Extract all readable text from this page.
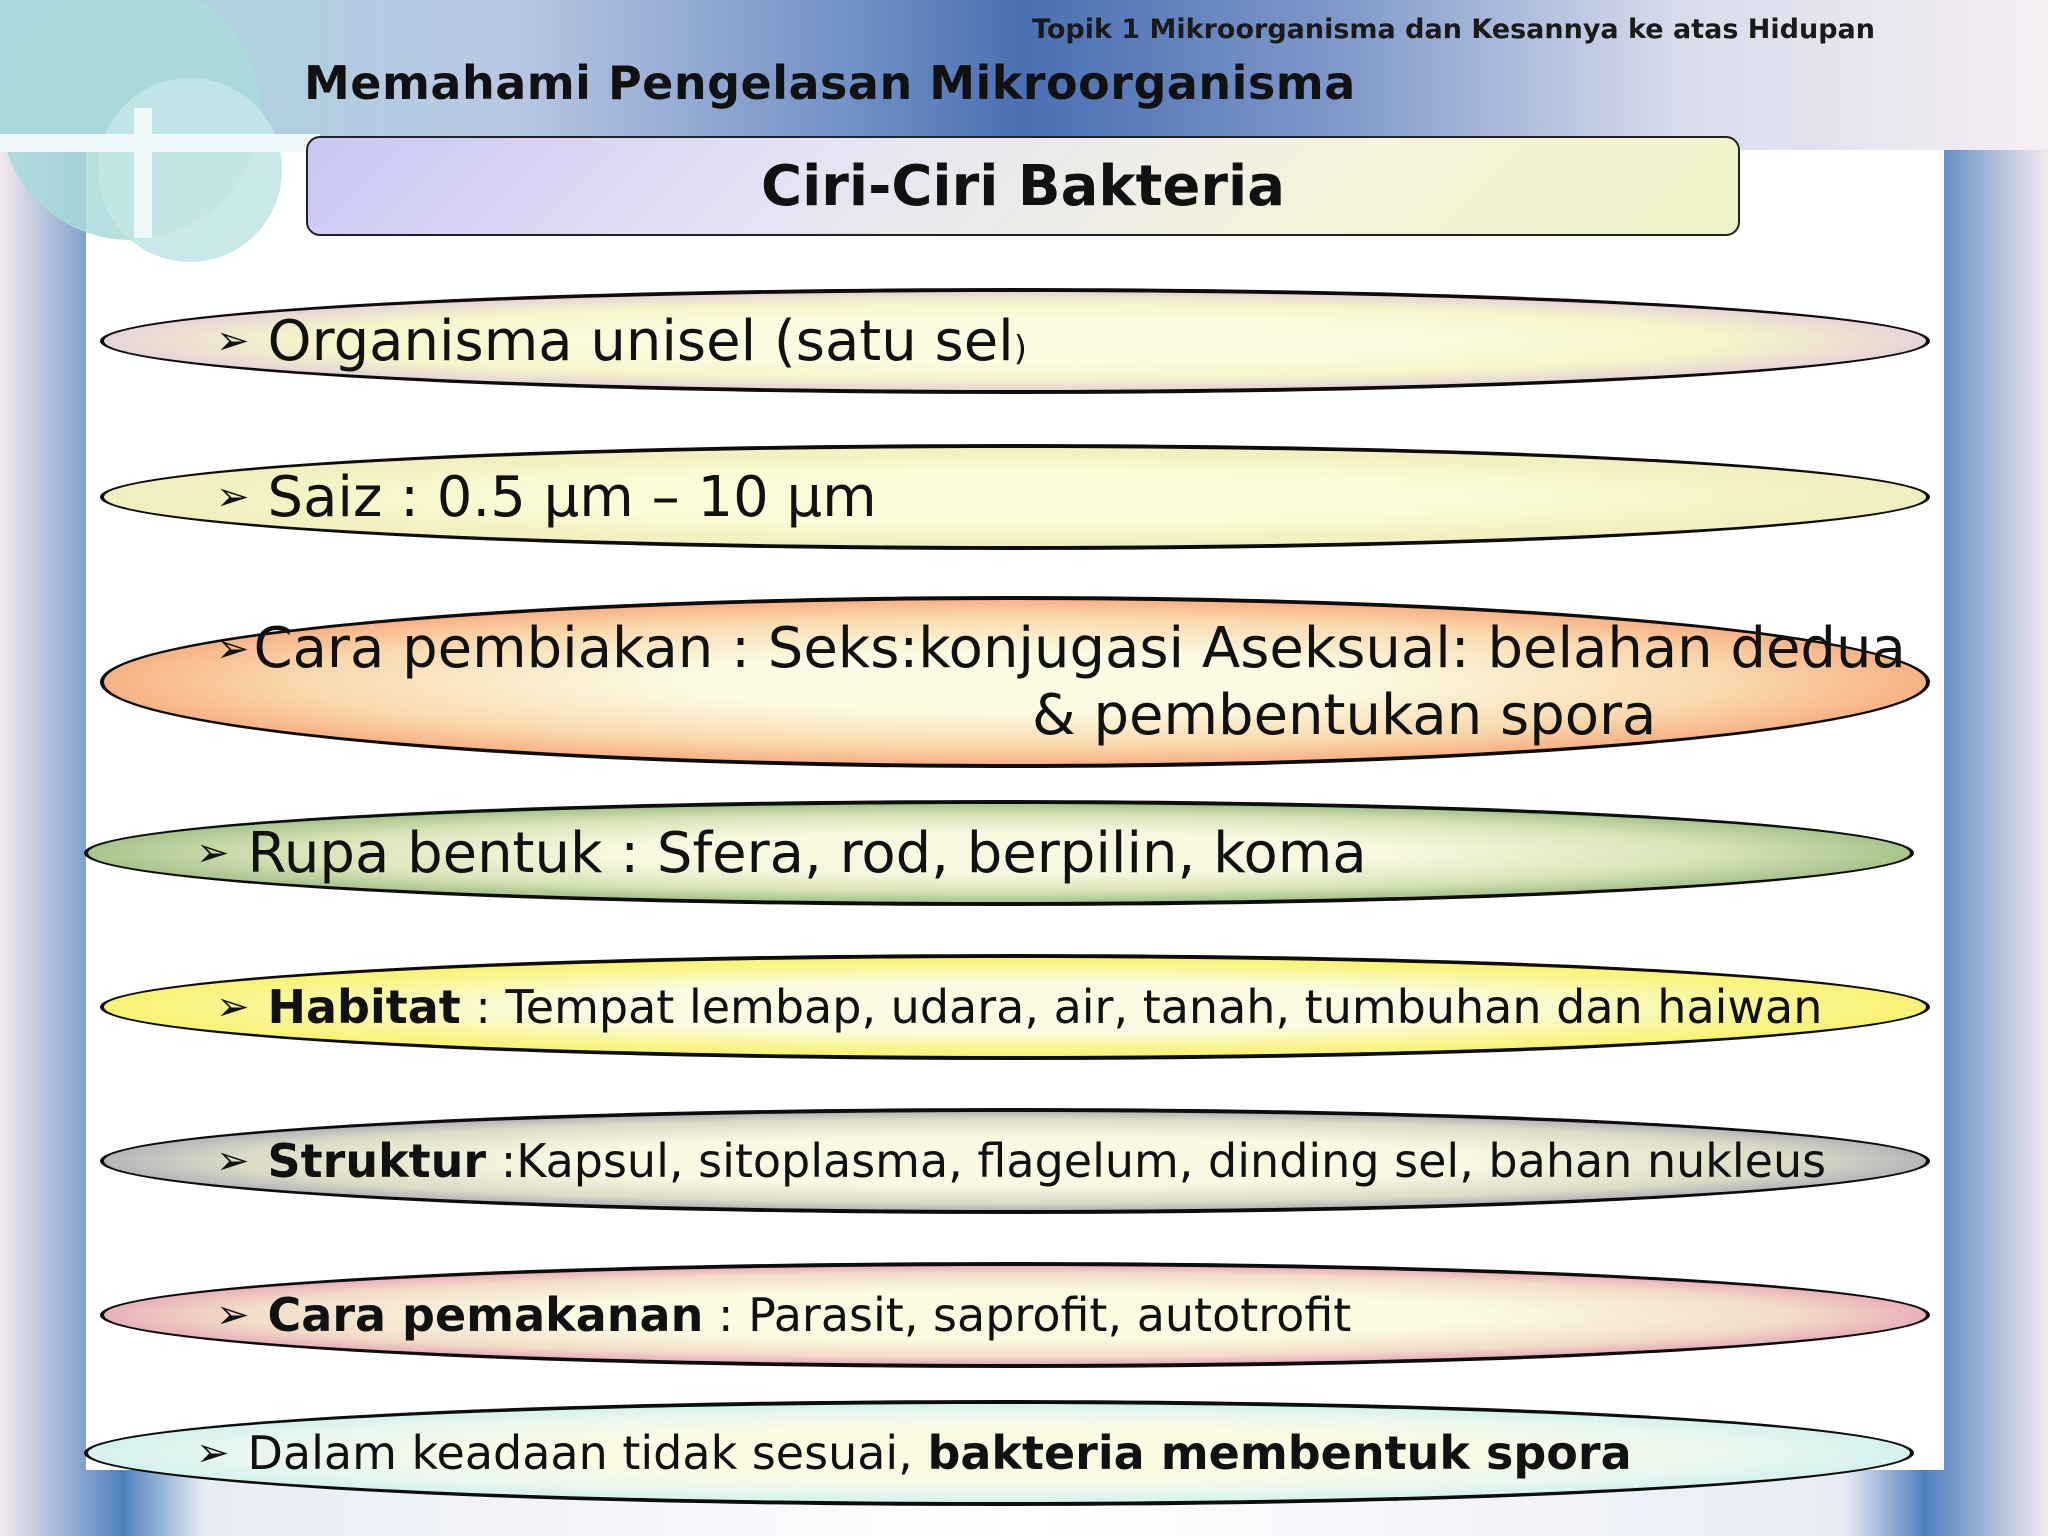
Topik 1 Mikroorganisma dan Kesannya ke atas Hidupan
Memahami Pengelasan Mikroorganisma
Ciri-Ciri Bakteria
➢ Organisma unisel (satu sel)
➢ Saiz : 0.5 μm – 10 μm
➢ Cara pembiakan : Seks:konjugasi Aseksual: belahan dedua
& pembentukan spora
➢ Rupa bentuk : Sfera, rod, berpilin, koma
➢ Habitat : Tempat lembap, udara, air, tanah, tumbuhan dan haiwan
➢ Struktur :Kapsul, sitoplasma, flagelum, dinding sel, bahan nukleus
➢ Cara pemakanan : Parasit, saprofit, autotrofit
➢ Dalam keadaan tidak sesuai, bakteria membentuk spora
